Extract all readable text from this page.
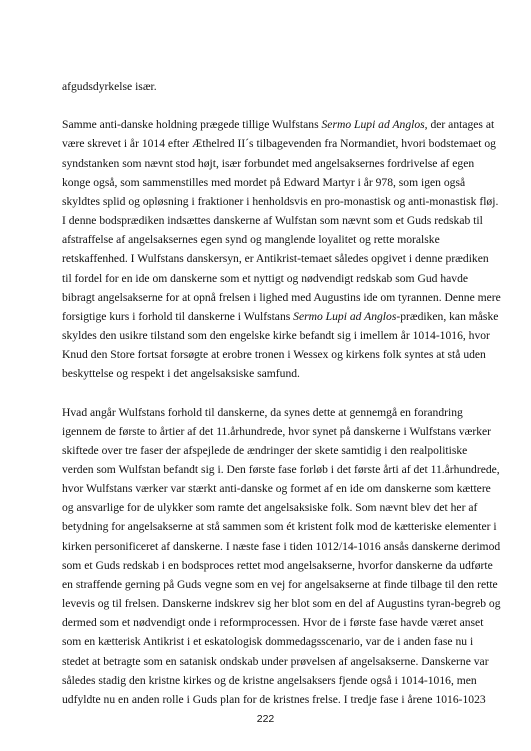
afgudsdyrkelse især.
Samme anti-danske holdning prægede tillige Wulfstans Sermo Lupi ad Anglos, der antages at
være skrevet i år 1014 efter Æthelred II´s tilbagevenden fra Normandiet, hvori bodstemaet og
syndstanken som nævnt stod højt, især forbundet med angelsaksernes fordrivelse af egen
konge også, som sammenstilles med mordet på Edward Martyr i år 978, som igen også
skyldtes splid og opløsning i fraktioner i henholdsvis en pro-monastisk og anti-monastisk fløj.
I denne bodsprædiken indsættes danskerne af Wulfstan som nævnt som et Guds redskab til
afstraffelse af angelsaksernes egen synd og manglende loyalitet og rette moralske
retskaffenhed. I Wulfstans danskersyn, er Antikrist-temaet således opgivet i denne prædiken
til fordel for en ide om danskerne som et nyttigt og nødvendigt redskab som Gud havde
bibragt angelsakserne for at opnå frelsen i lighed med Augustins ide om tyrannen. Denne mere
forsigtige kurs i forhold til danskerne i Wulfstans Sermo Lupi ad Anglos-prædiken, kan måske
skyldes den usikre tilstand som den engelske kirke befandt sig i imellem år 1014-1016, hvor
Knud den Store fortsat forsøgte at erobre tronen i Wessex og kirkens folk syntes at stå uden
beskyttelse og respekt i det angelsaksiske samfund.
Hvad angår Wulfstans forhold til danskerne, da synes dette at gennemgå en forandring
igennem de første to årtier af det 11.århundrede, hvor synet på danskerne i Wulfstans værker
skiftede over tre faser der afspejlede de ændringer der skete samtidig i den realpolitiske
verden som Wulfstan befandt sig i. Den første fase forløb i det første årti af det 11.århundrede,
hvor Wulfstans værker var stærkt anti-danske og formet af en ide om danskerne som kættere
og ansvarlige for de ulykker som ramte det angelsaksiske folk. Som nævnt blev det her af
betydning for angelsakserne at stå sammen som ét kristent folk mod de kætteriske elementer i
kirken personificeret af danskerne. I næste fase i tiden 1012/14-1016 ansås danskerne derimod
som et Guds redskab i en bodsproces rettet mod angelsakserne, hvorfor danskerne da udførte
en straffende gerning på Guds vegne som en vej for angelsakserne at finde tilbage til den rette
levevis og til frelsen. Danskerne indskrev sig her blot som en del af Augustins tyran-begreb og
dermed som et nødvendigt onde i reformprocessen. Hvor de i første fase havde været anset
som en kætterisk Antikrist i et eskatologisk dommedagsscenario, var de i anden fase nu i
stedet at betragte som en satanisk ondskab under prøvelsen af angelsakserne. Danskerne var
således stadig den kristne kirkes og de kristne angelsaksers fjende også i 1014-1016, men
udfyldte nu en anden rolle i Guds plan for de kristnes frelse. I tredje fase i årene 1016-1023
222
